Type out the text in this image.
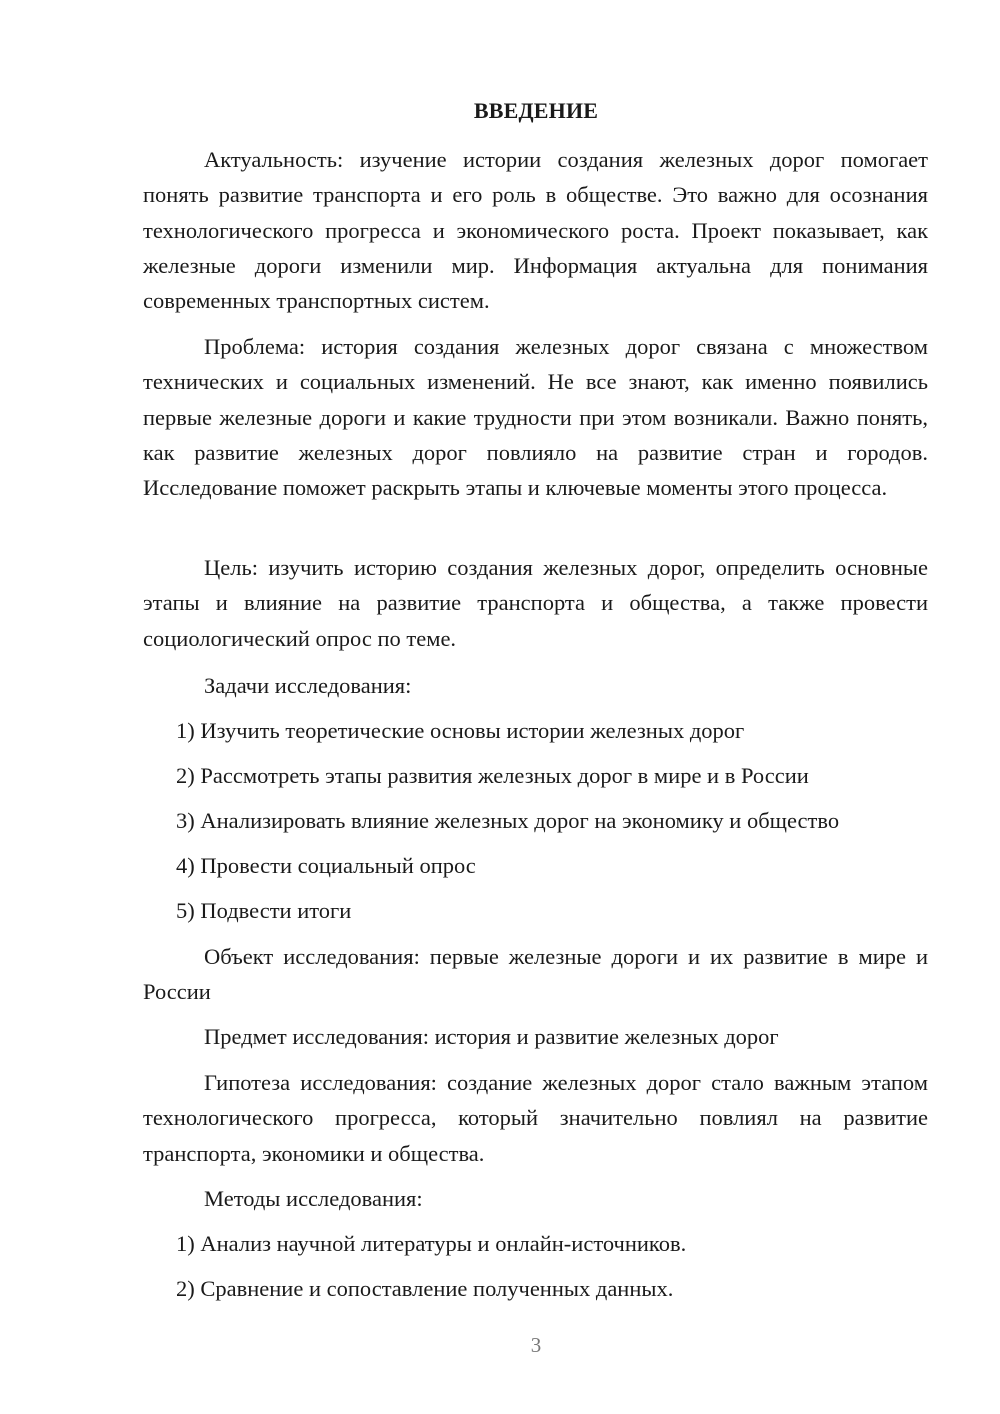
ВВЕДЕНИЕ

Актуальность: изучение истории создания железных дорог помогает понять развитие транспорта и его роль в обществе. Это важно для осознания технологического прогресса и экономического роста. Проект показывает, как железные дороги изменили мир. Информация актуальна для понимания современных транспортных систем.

Проблема: история создания железных дорог связана с множеством технических и социальных изменений. Не все знают, как именно появились первые железные дороги и какие трудности при этом возникали. Важно понять, как развитие железных дорог повлияло на развитие стран и городов. Исследование поможет раскрыть этапы и ключевые моменты этого процесса.

Цель: изучить историю создания железных дорог, определить основные этапы и влияние на развитие транспорта и общества, а также провести социологический опрос по теме.

Задачи исследования:

1) Изучить теоретические основы истории железных дорог

2) Рассмотреть этапы развития железных дорог в мире и в России

3) Анализировать влияние железных дорог на экономику и общество

4) Провести социальный опрос

5) Подвести итоги

Объект исследования: первые железные дороги и их развитие в мире и России

Предмет исследования: история и развитие железных дорог

Гипотеза исследования: создание железных дорог стало важным этапом технологического прогресса, который значительно повлиял на развитие транспорта, экономики и общества.

Методы исследования:

1) Анализ научной литературы и онлайн-источников.

2) Сравнение и сопоставление полученных данных.

3
